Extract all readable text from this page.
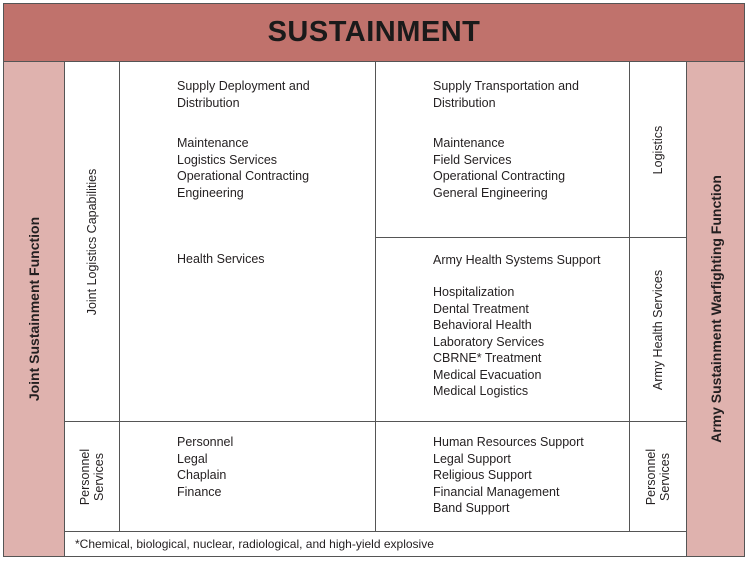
SUSTAINMENT
Joint Sustainment Function	Army Sustainment Warfighting Function
Joint Logistics Capabilities
Logistics
Army Health Services
Personnel Services	Personnel Services
Supply Deployment and
Distribution
Maintenance
Logistics Services
Operational Contracting
Engineering
Health Services
Personnel
Legal
Chaplain
Finance
Supply Transportation and
Distribution
Maintenance
Field Services
Operational Contracting
General Engineering
Army Health Systems Support
Hospitalization
Dental Treatment
Behavioral Health
Laboratory Services
CBRNE* Treatment
Medical Evacuation
Medical Logistics
Human Resources Support
Legal Support
Religious Support
Financial Management
Band Support
*Chemical, biological, nuclear, radiological, and high-yield explosive
